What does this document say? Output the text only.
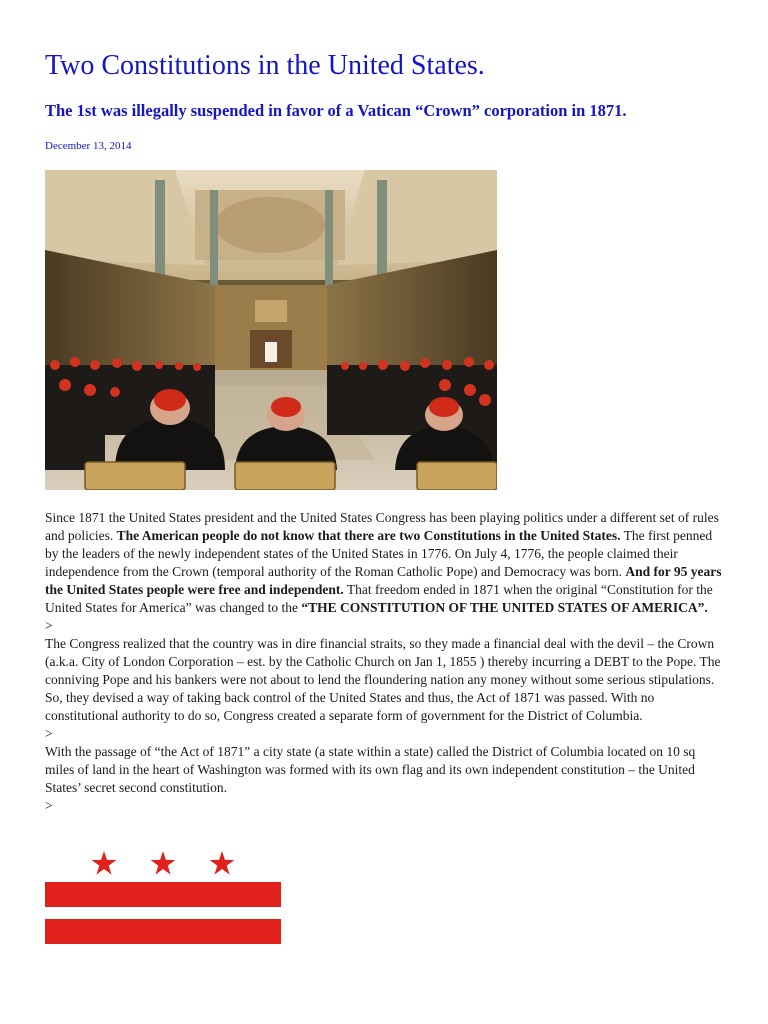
Two Constitutions in the United States.
The 1st was illegally suspended in favor of a Vatican “Crown” corporation in 1871.
December 13, 2014

Since 1871 the United States president and the United States Congress has been playing politics under a different set of rules and policies. The American people do not know that there are two Constitutions in the United States. The first penned by the leaders of the newly independent states of the United States in 1776. On July 4, 1776, the people claimed their independence from the Crown (temporal authority of the Roman Catholic Pope) and Democracy was born. And for 95 years the United States people were free and independent. That freedom ended in 1871 when the original “Constitution for the United States for America” was changed to the “THE CONSTITUTION OF THE UNITED STATES OF AMERICA”.

>

The Congress realized that the country was in dire financial straits, so they made a financial deal with the devil – the Crown (a.k.a. City of London Corporation – est. by the Catholic Church on Jan 1, 1855 ) thereby incurring a DEBT to the Pope. The conniving Pope and his bankers were not about to lend the floundering nation any money without some serious stipulations. So, they devised a way of taking back control of the United States and thus, the Act of 1871 was passed. With no constitutional authority to do so, Congress created a separate form of government for the District of Columbia.

>

With the passage of “the Act of 1871” a city state (a state within a state) called the District of Columbia located on 10 sq miles of land in the heart of Washington was formed with its own flag and its own independent constitution – the United States’ secret second constitution.

>
